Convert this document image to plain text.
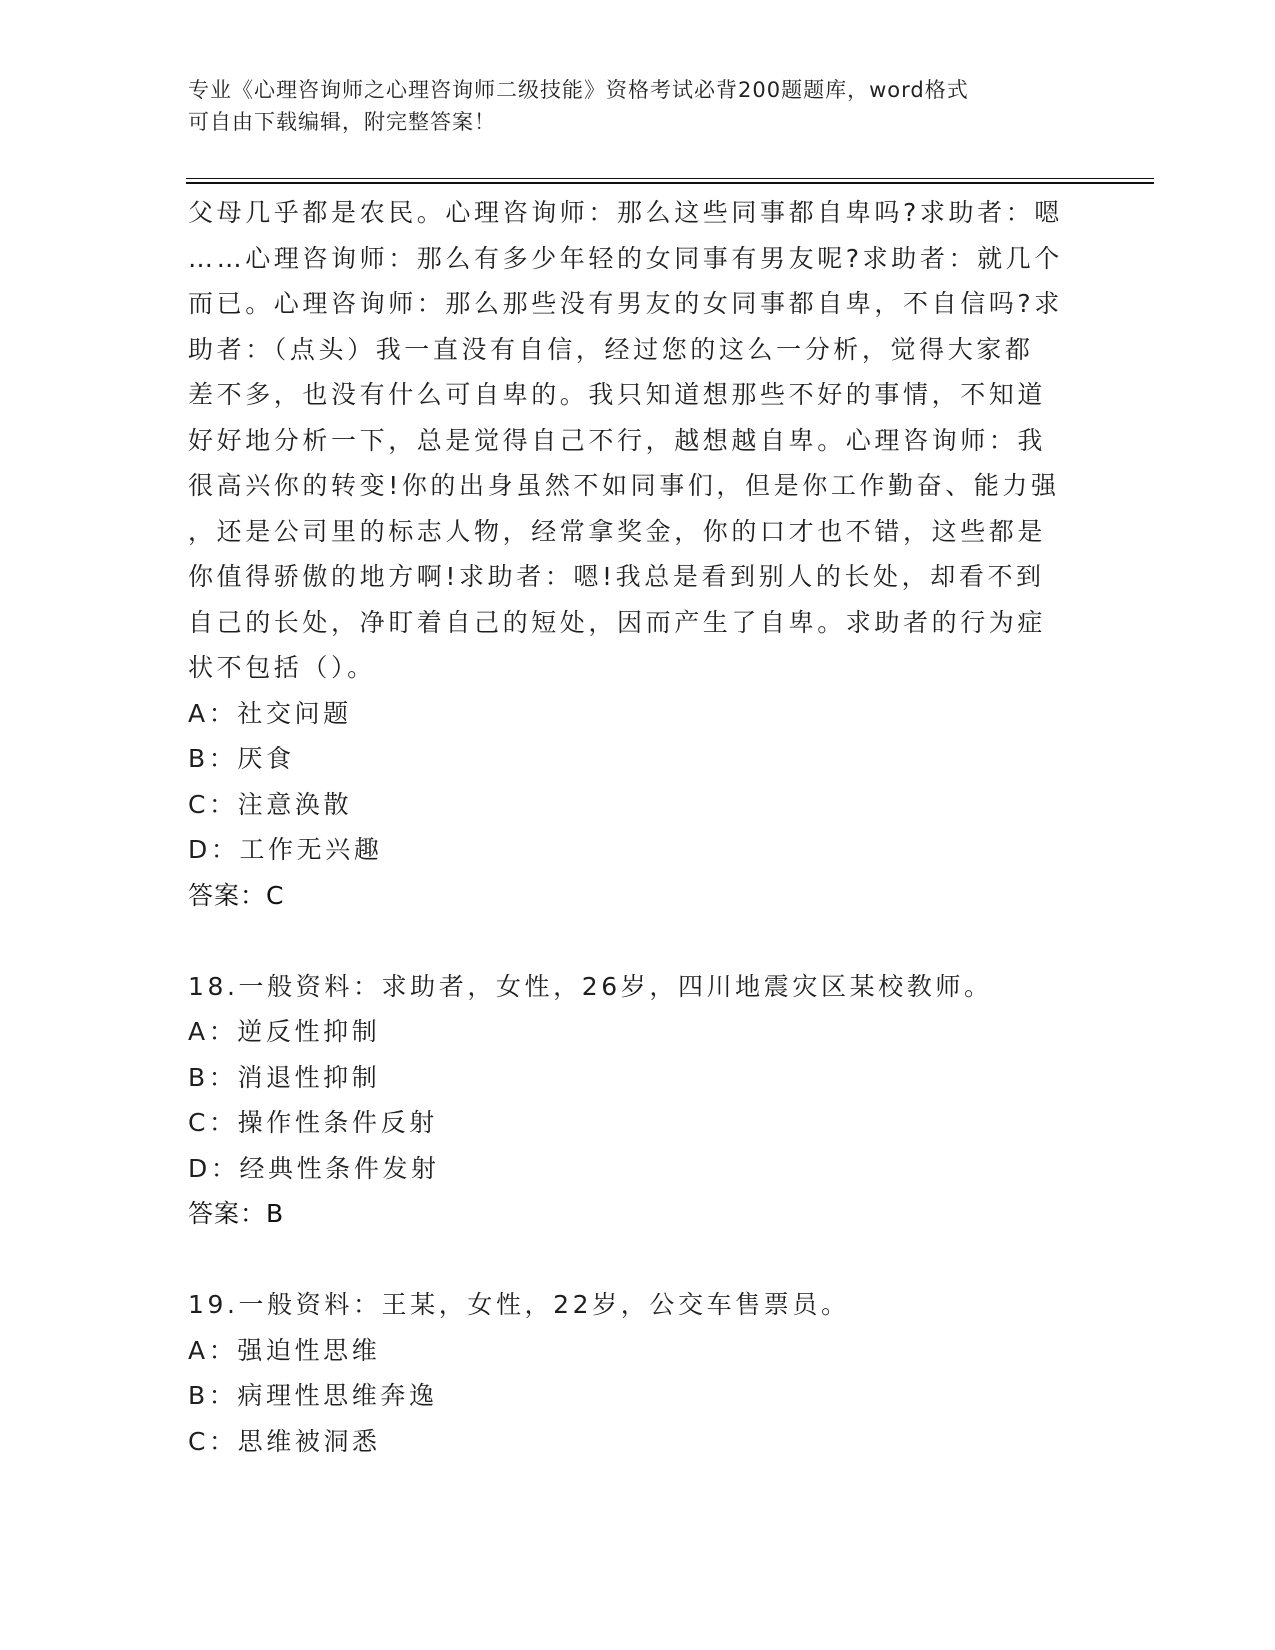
专业《心理咨询师之心理咨询师二级技能》资格考试必背200题题库，word格式
可自由下载编辑，附完整答案！
父母几乎都是农民。心理咨询师：那么这些同事都自卑吗?求助者：嗯
……心理咨询师：那么有多少年轻的女同事有男友呢?求助者：就几个
而已。心理咨询师：那么那些没有男友的女同事都自卑，不自信吗?求
助者：（点头）我一直没有自信，经过您的这么一分析，觉得大家都
差不多，也没有什么可自卑的。我只知道想那些不好的事情，不知道
好好地分析一下，总是觉得自己不行，越想越自卑。心理咨询师：我
很高兴你的转变!你的出身虽然不如同事们，但是你工作勤奋、能力强
，还是公司里的标志人物，经常拿奖金，你的口才也不错，这些都是
你值得骄傲的地方啊!求助者：嗯!我总是看到别人的长处，却看不到
自己的长处，净盯着自己的短处，因而产生了自卑。求助者的行为症
状不包括（）。
A：社交问题
B：厌食
C：注意涣散
D：工作无兴趣
答案：C
18.一般资料：求助者，女性，26岁，四川地震灾区某校教师。
A：逆反性抑制
B：消退性抑制
C：操作性条件反射
D：经典性条件发射
答案：B
19.一般资料：王某，女性，22岁，公交车售票员。
A：强迫性思维
B：病理性思维奔逸
C：思维被洞悉
